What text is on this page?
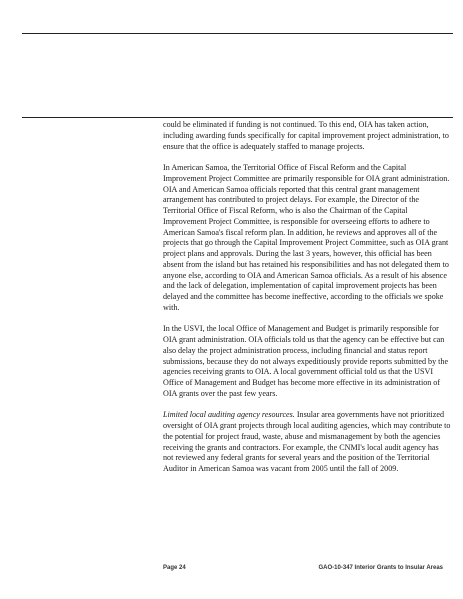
could be eliminated if funding is not continued. To this end, OIA has taken action, including awarding funds specifically for capital improvement project administration, to ensure that the office is adequately staffed to manage projects.

In American Samoa, the Territorial Office of Fiscal Reform and the Capital Improvement Project Committee are primarily responsible for OIA grant administration. OIA and American Samoa officials reported that this central grant management arrangement has contributed to project delays. For example, the Director of the Territorial Office of Fiscal Reform, who is also the Chairman of the Capital Improvement Project Committee, is responsible for overseeing efforts to adhere to American Samoa's fiscal reform plan. In addition, he reviews and approves all of the projects that go through the Capital Improvement Project Committee, such as OIA grant project plans and approvals. During the last 3 years, however, this official has been absent from the island but has retained his responsibilities and has not delegated them to anyone else, according to OIA and American Samoa officials. As a result of his absence and the lack of delegation, implementation of capital improvement projects has been delayed and the committee has become ineffective, according to the officials we spoke with.

In the USVI, the local Office of Management and Budget is primarily responsible for OIA grant administration. OIA officials told us that the agency can be effective but can also delay the project administration process, including financial and status report submissions, because they do not always expeditiously provide reports submitted by the agencies receiving grants to OIA. A local government official told us that the USVI Office of Management and Budget has become more effective in its administration of OIA grants over the past few years.

Limited local auditing agency resources. Insular area governments have not prioritized oversight of OIA grant projects through local auditing agencies, which may contribute to the potential for project fraud, waste, abuse and mismanagement by both the agencies receiving the grants and contractors. For example, the CNMI's local audit agency has not reviewed any federal grants for several years and the position of the Territorial Auditor in American Samoa was vacant from 2005 until the fall of 2009.

Page 24	GAO-10-347 Interior Grants to Insular Areas
